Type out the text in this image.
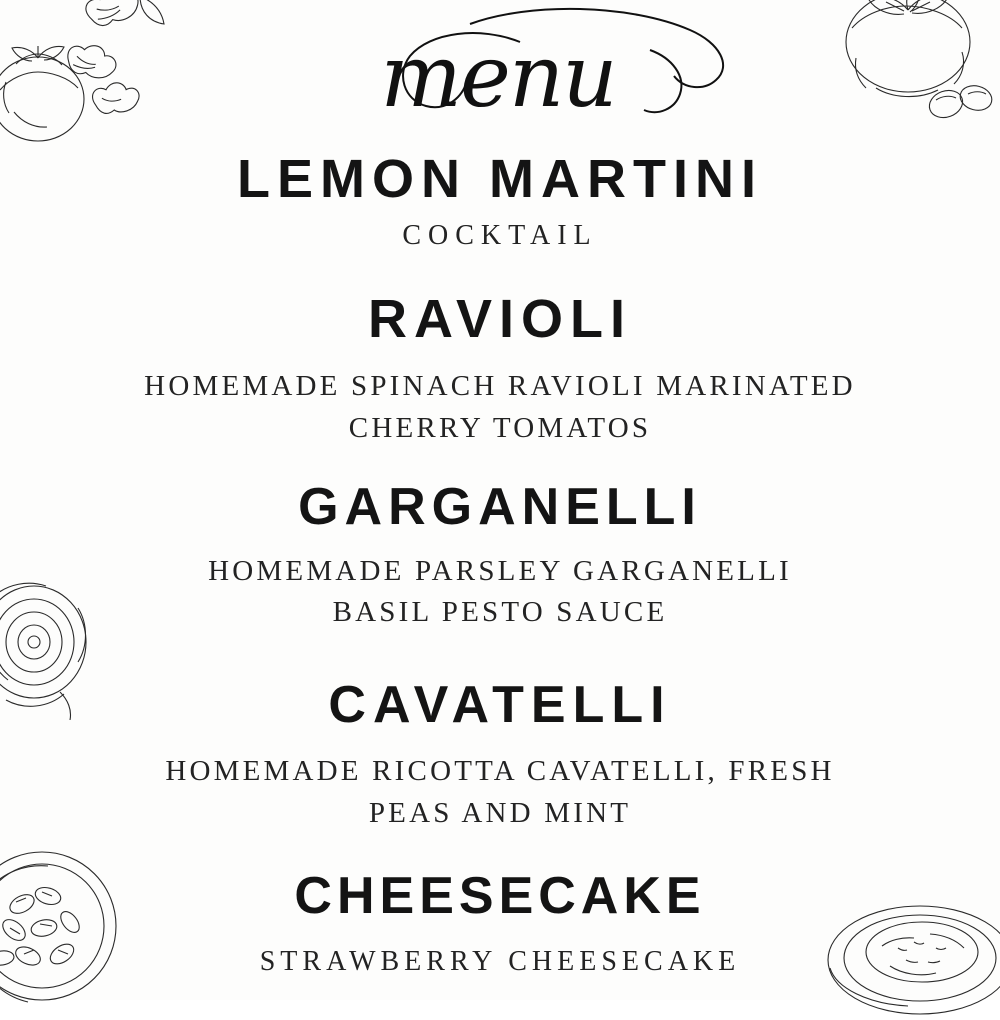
menu
LEMON MARTINI

COCKTAIL

RAVIOLI

HOMEMADE SPINACH RAVIOLI MARINATED
CHERRY TOMATOS

GARGANELLI

HOMEMADE PARSLEY GARGANELLI
BASIL PESTO SAUCE

CAVATELLI

HOMEMADE RICOTTA CAVATELLI, FRESH
PEAS AND MINT

CHEESECAKE

STRAWBERRY CHEESECAKE
